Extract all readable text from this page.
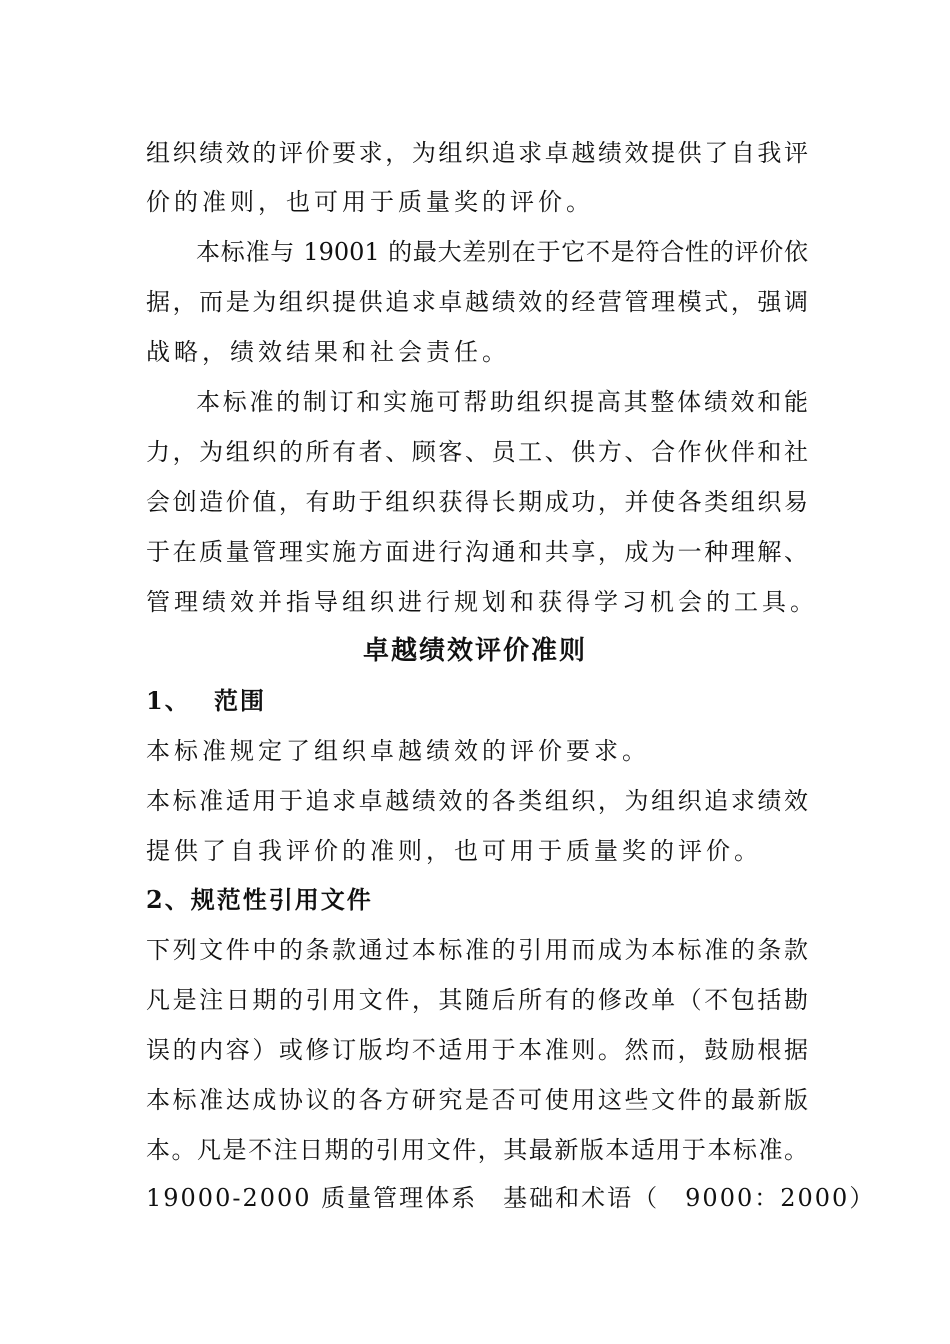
组织绩效的评价要求，为组织追求卓越绩效提供了自我评
价的准则，也可用于质量奖的评价。
本标准与 19001 的最大差别在于它不是符合性的评价依
据，而是为组织提供追求卓越绩效的经营管理模式，强调
战略，绩效结果和社会责任。
本标准的制订和实施可帮助组织提高其整体绩效和能
力，为组织的所有者、顾客、员工、供方、合作伙伴和社
会创造价值，有助于组织获得长期成功，并使各类组织易
于在质量管理实施方面进行沟通和共享，成为一种理解、
管理绩效并指导组织进行规划和获得学习机会的工具。
卓越绩效评价准则
1、 范围
本标准规定了组织卓越绩效的评价要求。
本标准适用于追求卓越绩效的各类组织，为组织追求绩效
提供了自我评价的准则，也可用于质量奖的评价。
2、规范性引用文件
下列文件中的条款通过本标准的引用而成为本标准的条款
凡是注日期的引用文件，其随后所有的修改单（不包括勘
误的内容）或修订版均不适用于本准则。然而，鼓励根据
本标准达成协议的各方研究是否可使用这些文件的最新版
本。凡是不注日期的引用文件，其最新版本适用于本标准。
19000-2000 质量管理体系　基础和术语（　9000：2000）
